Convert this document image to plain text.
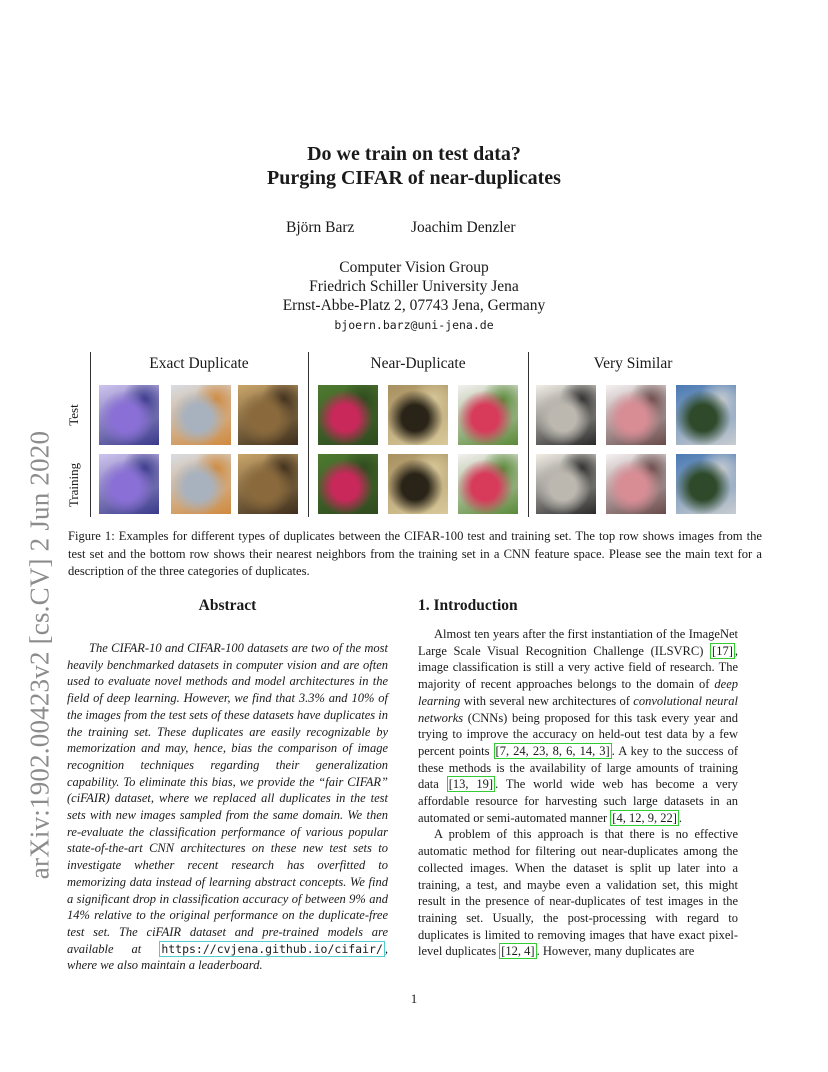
arXiv:1902.00423v2 [cs.CV] 2 Jun 2020
Do we train on test data?
Purging CIFAR of near-duplicates
Björn Barz	Joachim Denzler
Computer Vision Group
Friedrich Schiller University Jena
Ernst-Abbe-Platz 2, 07743 Jena, Germany
bjoern.barz@uni-jena.de
Exact Duplicate	Near-Duplicate	Very Similar
Test
Training
Figure 1: Examples for different types of duplicates between the CIFAR-100 test and training set. The top row shows images from the test set and the bottom row shows their nearest neighbors from the training set in a CNN feature space. Please see the main text for a description of the three categories of duplicates.
Abstract

The CIFAR-10 and CIFAR-100 datasets are two of the most heavily benchmarked datasets in computer vision and are often used to evaluate novel methods and model architectures in the field of deep learning. However, we find that 3.3% and 10% of the images from the test sets of these datasets have duplicates in the training set. These duplicates are easily recognizable by memorization and may, hence, bias the comparison of image recognition techniques regarding their generalization capability. To eliminate this bias, we provide the “fair CIFAR” (ciFAIR) dataset, where we replaced all duplicates in the test sets with new images sampled from the same domain. We then re-evaluate the classification performance of various popular state-of-the-art CNN architectures on these new test sets to investigate whether recent research has overfitted to memorizing data instead of learning abstract concepts. We find a significant drop in classification accuracy of between 9% and 14% relative to the original performance on the duplicate-free test set. The ciFAIR dataset and pre-trained models are available at https://cvjena.github.io/cifair/ , where we also maintain a leaderboard.

1. Introduction

Almost ten years after the first instantiation of the ImageNet Large Scale Visual Recognition Challenge (ILSVRC) [17] , image classification is still a very active field of research. The majority of recent approaches belongs to the domain of deep learning with several new architectures of convolutional neural networks (CNNs) being proposed for this task every year and trying to improve the accuracy on held-out test data by a few percent points [7, 24, 23, 8, 6, 14, 3] . A key to the success of these methods is the availability of large amounts of training data [13, 19] . The world wide web has become a very affordable resource for harvesting such large datasets in an automated or semi-automated manner [4, 12, 9, 22] .

A problem of this approach is that there is no effective automatic method for filtering out near-duplicates among the collected images. When the dataset is split up later into a training, a test, and maybe even a validation set, this might result in the presence of near-duplicates of test images in the training set. Usually, the post-processing with regard to duplicates is limited to removing images that have exact pixel-level duplicates [12, 4] . However, many duplicates are

1
